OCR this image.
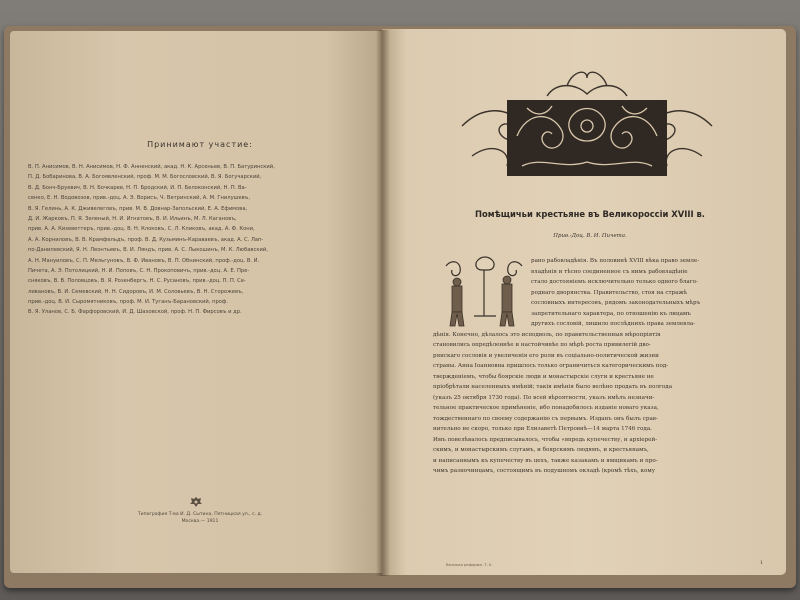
Принимают участие:
В. П. Анисимов, В. Н. Анисимов, Н. Ф. Анненский, акад. Н. К. Арсеньев, В. П. Батуринский,
П. Д. Бобаринова, В. А. Богоявленский, проф. М. М. Богословский, В. Я. Богучарский,
В. Д. Бонч-Бруевич, В. Н. Бочкарев, Н. П. Бродский, И. П. Белоконский, Н. П. Ва-
сенко, Е. Н. Водовозов, прив.-доц. А. Э. Ворисъ, Ч. Ветринский, А. М. Гнилушевъ,
В. Я. Гелинь, А. К. Дживелеговъ, прив. М. В. Довнар-Запольский, Е. А. Ефимова,
Д. И. Жарковъ, П. Я. Зеленый, Н. И. Игнатовъ, В. И. Ильинъ, М. Л. Кагановъ,
прив. А. А. Кизеветтеръ, прив.-доц. В. Н. Клоковъ, С. Л. Кликовъ, акад. А. Ф. Кони,
А. А. Корниловъ, В. В. Крамфельдъ, проф. В. Д. Кузьминъ-Караваевъ, акад. А. С. Лап-
по-Данилевский, Я. Н. Леонтьевъ, В. И. Ляндъ, прив. А. С. Лыкошинъ, М. К. Любавский,
А. Н. Мануиловъ, С. П. Мельгуновъ, В. Ф. Ивановъ, В. П. Обнинский, проф.-доц. В. И.
Пичета, А. Э. Потолицкий, Н. И. Поповъ, С. Н. Прокоповичъ, прив.-доц. А. Е. Пре-
сняковъ, В. В. Половцовъ, В. Я. Розенбергъ, Н. С. Русановъ, прив.-доц. П. П. Се-
ливановъ, В. И. Семевский, Н. Н. Сидоровъ, И. М. Соловьевъ, В. Н. Сторожевъ,
прив.-доц. В. И. Сыромятниковъ, проф. М. И. Туганъ-Барановский, проф.
В. Я. Уланов, С. Б. Фарфоровский, И. Д. Шаховской, проф. Н. П. Фирсовъ и др.
Типография Т-ва И. Д. Сытина, Пятницкая ул., с. д.
Москва.— 1911
Помѣщичьи крестьяне въ Великороссіи XVIII в.
Прив.-Доц. В. И. Пичета.
рано рабовладѣнія. Въ половинѣ XVIII вѣка право земле-
владѣнія и тѣсно соединенное съ нимъ рабовладѣніе
стало достояніемъ исключительно только одного благо-
роднаго дворянства. Правительство, стоя на стражѣ
сословныхъ интересовъ, рядомъ законодательныхъ мѣръ
запретительнаго характера, по отношенію къ лицамъ
другихъ сословій, лишило послѣднихъ права землевла-
дѣнія. Конечно, дѣлалось это исподволь, по правительственныя мѣропріятія
становились опредѣленнѣе и настойчивѣе по мѣрѣ роста привилегій дво-
рянскаго сословія и увеличенія его роли въ соціально-политической жизни
страны. Анна Іоанновна пришлось только ограничиться категорическимъ под-
твержденіемъ, чтобы боярскіе люди и монастырскіе слуги и крестьяне не
пріобрѣтали населенныхъ имѣній; такія имѣнія было велѣно продать въ полгода
(указъ 25 октября 1730 года). По всей вѣроятности, указъ имѣлъ незначи-
тельное практическое примѣненіе, ибо понадобилось изданіе новаго указа,
тождественнаго по своему содержанію съ первымъ. Изданъ онъ былъ срав-
нительно не скоро, только при Елизаветѣ Петровнѣ—14 марта 1746 года.
Имъ повелѣвалось предписывалось, чтобы «впредь купечеству, и архіерей-
скимъ, и монастырскимъ слугамъ, и боярскимъ людямъ, и крестьянамъ,
и написаннымъ къ купечеству въ цехъ, также казакамъ и ямщикамъ и про-
чимъ разночинцамъ, состоящимъ въ подушномъ окладѣ (кромѣ тѣхъ, кому
Великая реформа. Т. II.	1
